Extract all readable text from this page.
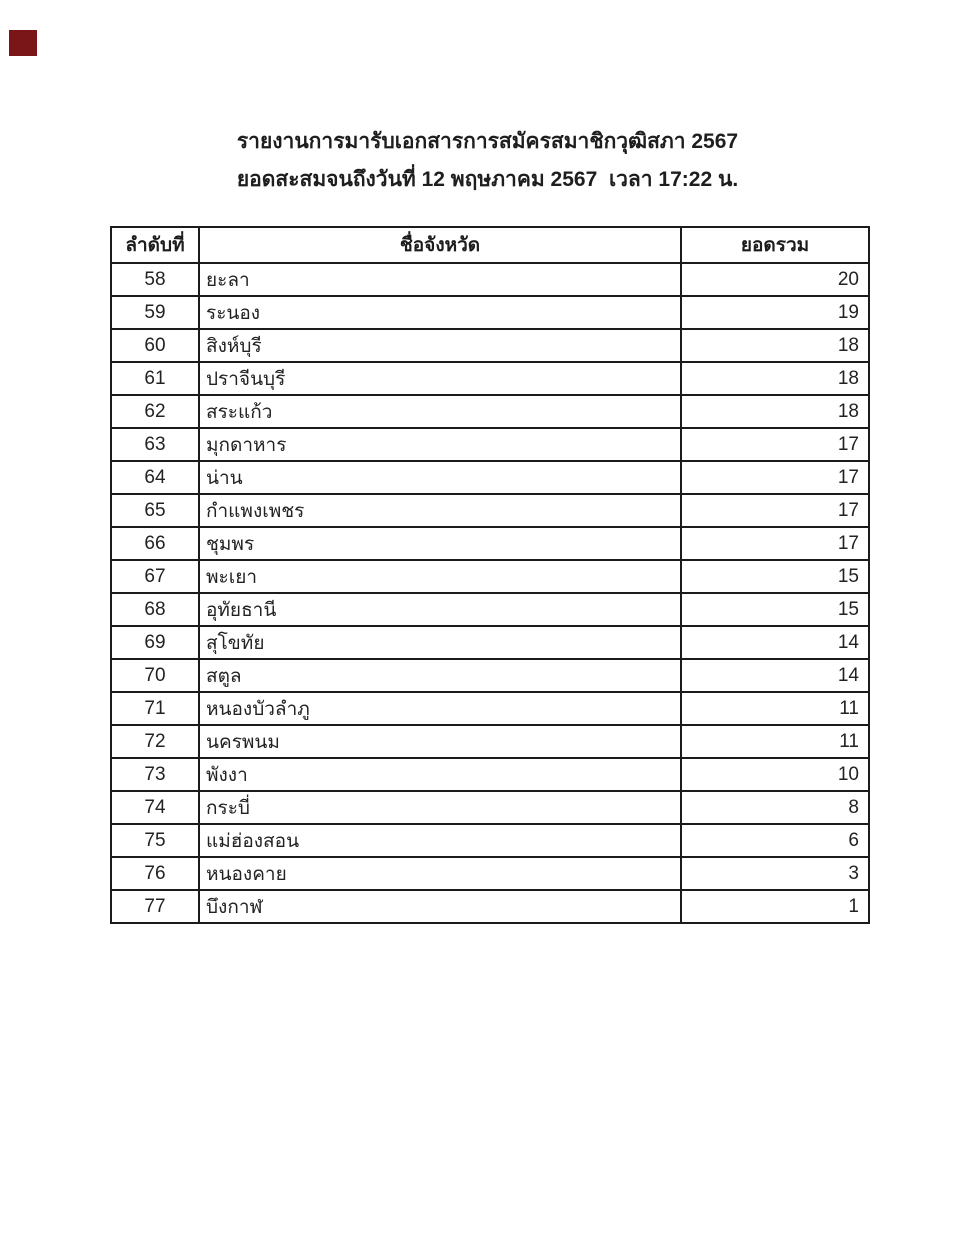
รายงานการมารับเอกสารการสมัครสมาชิกวุฒิสภา 2567
ยอดสะสมจนถึงวันที่ 12 พฤษภาคม 2567  เวลา 17:22 น.
ลำดับที่	ชื่อจังหวัด	ยอดรวม
58	ยะลา	20
59	ระนอง	19
60	สิงห์บุรี	18
61	ปราจีนบุรี	18
62	สระแก้ว	18
63	มุกดาหาร	17
64	น่าน	17
65	กำแพงเพชร	17
66	ชุมพร	17
67	พะเยา	15
68	อุทัยธานี	15
69	สุโขทัย	14
70	สตูล	14
71	หนองบัวลำภู	11
72	นครพนม	11
73	พังงา	10
74	กระบี่	8
75	แม่ฮ่องสอน	6
76	หนองคาย	3
77	บึงกาฬ	1
